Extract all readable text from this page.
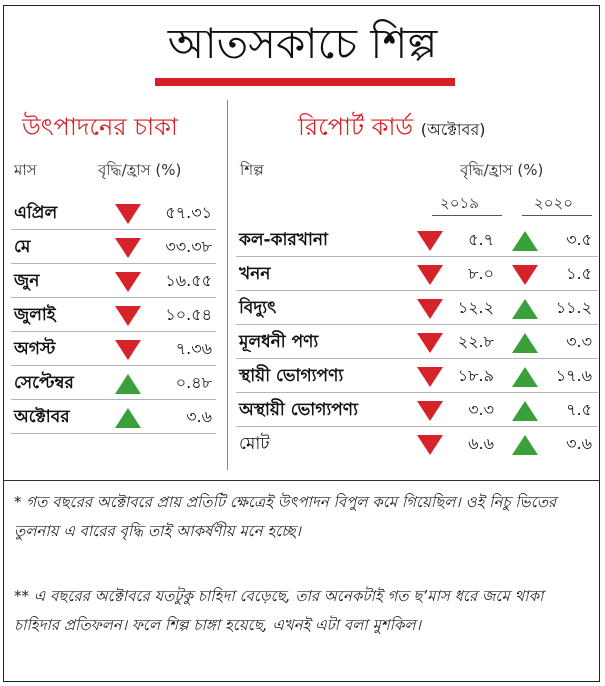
আতসকাচে শিল্প
উৎপাদনের চাকা
মাস	বৃদ্ধি/হ্রাস (%)
রিপোর্ট কার্ড (অক্টোবর)
শিল্প	বৃদ্ধি/হ্রাস (%)
২০১৯	২০২০
এপ্রিল	৫৭.৩১
মে	৩৩.৩৮
জুন	১৬.৫৫
জুলাই	১০.৫৪
অগস্ট	৭.৩৬
সেপ্টেম্বর	০.৪৮
অক্টোবর	৩.৬
কল-কারখানা	৫.৭	৩.৫
খনন	৮.০	১.৫
বিদ্যুৎ	১২.২	১১.২
মূলধনী পণ্য	২২.৮	৩.৩
স্থায়ী ভোগ্যপণ্য	১৮.৯	১৭.৬
অস্থায়ী ভোগ্যপণ্য	৩.৩	৭.৫
মোট	৬.৬	৩.৬
* গত বছরের অক্টোবরে প্রায় প্রতিটি ক্ষেত্রেই উৎপাদন বিপুল কমে গিয়েছিল। ওই নিচু ভিতের তুলনায় এ বারের বৃদ্ধি তাই আকর্ষণীয় মনে হচ্ছে।
** এ বছরের অক্টোবরে যতটুকু চাহিদা বেড়েছে, তার অনেকটাই গত ছ’মাস ধরে জমে থাকা চাহিদার প্রতিফলন। ফলে শিল্প চাঙ্গা হয়েছে, এখনই এটা বলা মুশকিল।
